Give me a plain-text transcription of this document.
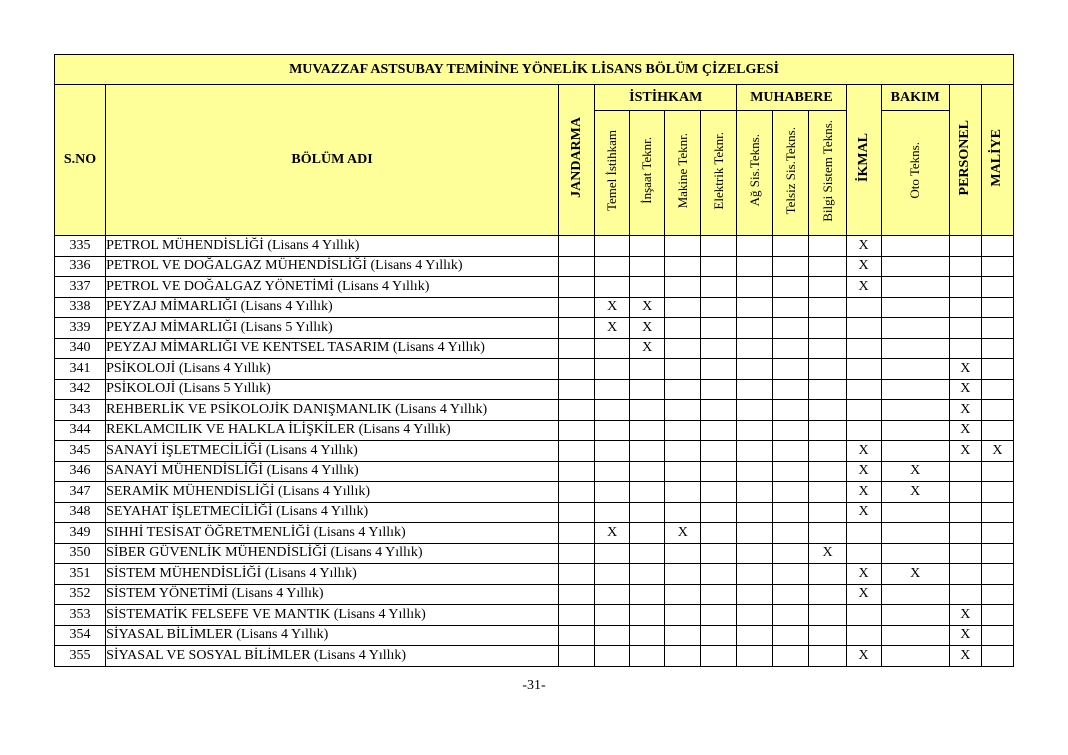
MUVAZZAF ASTSUBAY TEMİNİNE YÖNELİK LİSANS BÖLÜM ÇİZELGESİ													
S.NO	BÖLÜM ADI	JANDARMA	İSTİHKAM				MUHABERE			İKMAL	BAKIM	PERSONEL	MALİYE
			Temel İstihkam	İnşaat Teknr.	Makine Teknr.	Elektrik Teknr.	Ağ Sis.Tekns.	Telsiz Sis.Tekns.	Bilgi Sistem Tekns.		Oto Tekns.		
335	PETROL MÜHENDİSLİĞİ (Lisans 4 Yıllık)									X			
336	PETROL VE DOĞALGAZ MÜHENDİSLİĞİ (Lisans 4 Yıllık)									X			
337	PETROL VE DOĞALGAZ YÖNETİMİ (Lisans 4 Yıllık)									X			
338	PEYZAJ MİMARLIĞI (Lisans 4 Yıllık)		X	X									
339	PEYZAJ MİMARLIĞI (Lisans 5 Yıllık)		X	X									
340	PEYZAJ MİMARLIĞI VE KENTSEL TASARIM (Lisans 4 Yıllık)			X									
341	PSİKOLOJİ (Lisans 4 Yıllık)											X	
342	PSİKOLOJİ (Lisans 5 Yıllık)											X	
343	REHBERLİK VE PSİKOLOJİK DANIŞMANLIK (Lisans 4 Yıllık)											X	
344	REKLAMCILIK VE HALKLA İLİŞKİLER (Lisans 4 Yıllık)											X	
345	SANAYİ İŞLETMECİLİĞİ (Lisans 4 Yıllık)									X		X	X
346	SANAYİ MÜHENDİSLİĞİ (Lisans 4 Yıllık)									X	X		
347	SERAMİK MÜHENDİSLİĞİ (Lisans 4 Yıllık)									X	X		
348	SEYAHAT İŞLETMECİLİĞİ (Lisans 4 Yıllık)									X			
349	SIHHİ TESİSAT ÖĞRETMENLİĞİ (Lisans 4 Yıllık)		X		X								
350	SİBER GÜVENLİK MÜHENDİSLİĞİ (Lisans 4 Yıllık)								X				
351	SİSTEM MÜHENDİSLİĞİ (Lisans 4 Yıllık)									X	X		
352	SİSTEM YÖNETİMİ (Lisans 4 Yıllık)									X			
353	SİSTEMATİK FELSEFE VE MANTIK (Lisans 4 Yıllık)											X	
354	SİYASAL BİLİMLER (Lisans 4 Yıllık)											X	
355	SİYASAL VE SOSYAL BİLİMLER (Lisans 4 Yıllık)									X		X	
-31-
